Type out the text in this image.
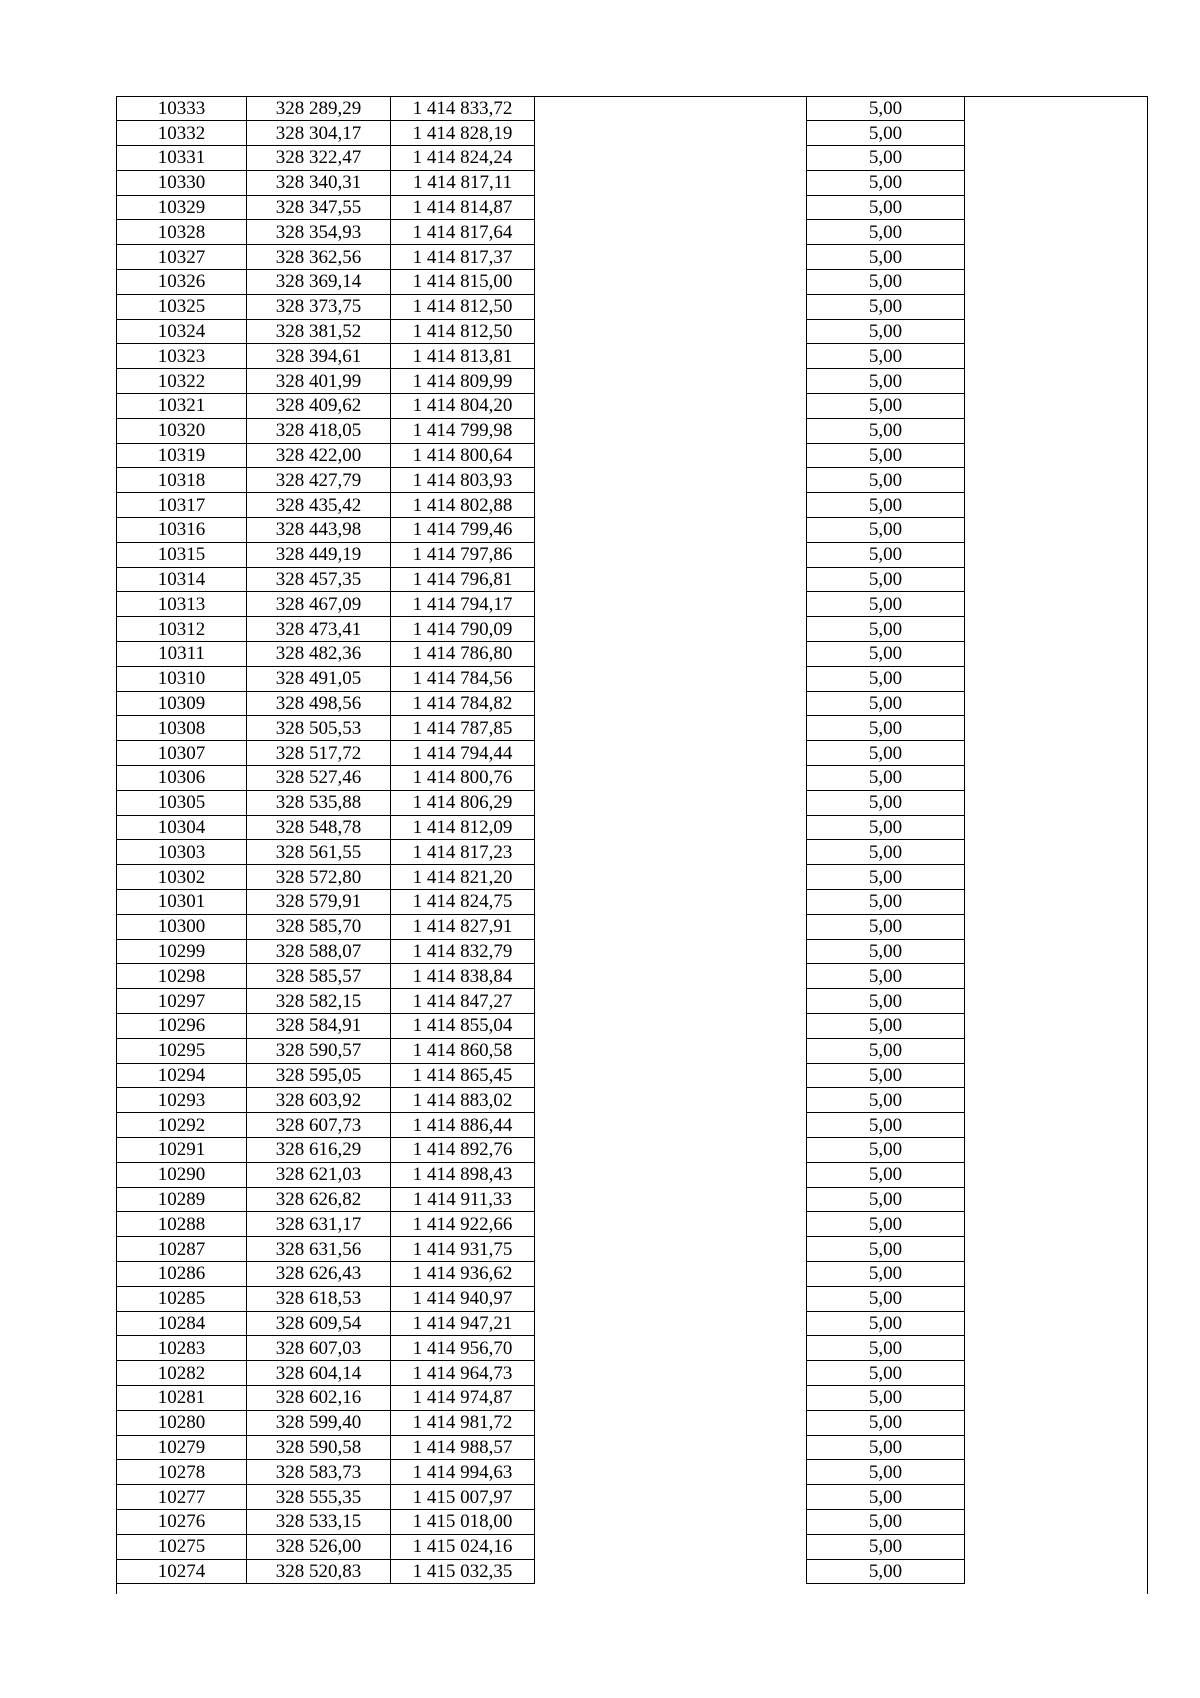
10333	328 289,29	1 414 833,72		5,00	
10332	328 304,17	1 414 828,19		5,00	
10331	328 322,47	1 414 824,24		5,00	
10330	328 340,31	1 414 817,11		5,00	
10329	328 347,55	1 414 814,87		5,00	
10328	328 354,93	1 414 817,64		5,00	
10327	328 362,56	1 414 817,37		5,00	
10326	328 369,14	1 414 815,00		5,00	
10325	328 373,75	1 414 812,50		5,00	
10324	328 381,52	1 414 812,50		5,00	
10323	328 394,61	1 414 813,81		5,00	
10322	328 401,99	1 414 809,99		5,00	
10321	328 409,62	1 414 804,20		5,00	
10320	328 418,05	1 414 799,98		5,00	
10319	328 422,00	1 414 800,64		5,00	
10318	328 427,79	1 414 803,93		5,00	
10317	328 435,42	1 414 802,88		5,00	
10316	328 443,98	1 414 799,46		5,00	
10315	328 449,19	1 414 797,86		5,00	
10314	328 457,35	1 414 796,81		5,00	
10313	328 467,09	1 414 794,17		5,00	
10312	328 473,41	1 414 790,09		5,00	
10311	328 482,36	1 414 786,80		5,00	
10310	328 491,05	1 414 784,56		5,00	
10309	328 498,56	1 414 784,82		5,00	
10308	328 505,53	1 414 787,85		5,00	
10307	328 517,72	1 414 794,44		5,00	
10306	328 527,46	1 414 800,76		5,00	
10305	328 535,88	1 414 806,29		5,00	
10304	328 548,78	1 414 812,09		5,00	
10303	328 561,55	1 414 817,23		5,00	
10302	328 572,80	1 414 821,20		5,00	
10301	328 579,91	1 414 824,75		5,00	
10300	328 585,70	1 414 827,91		5,00	
10299	328 588,07	1 414 832,79		5,00	
10298	328 585,57	1 414 838,84		5,00	
10297	328 582,15	1 414 847,27		5,00	
10296	328 584,91	1 414 855,04		5,00	
10295	328 590,57	1 414 860,58		5,00	
10294	328 595,05	1 414 865,45		5,00	
10293	328 603,92	1 414 883,02		5,00	
10292	328 607,73	1 414 886,44		5,00	
10291	328 616,29	1 414 892,76		5,00	
10290	328 621,03	1 414 898,43		5,00	
10289	328 626,82	1 414 911,33		5,00	
10288	328 631,17	1 414 922,66		5,00	
10287	328 631,56	1 414 931,75		5,00	
10286	328 626,43	1 414 936,62		5,00	
10285	328 618,53	1 414 940,97		5,00	
10284	328 609,54	1 414 947,21		5,00	
10283	328 607,03	1 414 956,70		5,00	
10282	328 604,14	1 414 964,73		5,00	
10281	328 602,16	1 414 974,87		5,00	
10280	328 599,40	1 414 981,72		5,00	
10279	328 590,58	1 414 988,57		5,00	
10278	328 583,73	1 414 994,63		5,00	
10277	328 555,35	1 415 007,97		5,00	
10276	328 533,15	1 415 018,00		5,00	
10275	328 526,00	1 415 024,16		5,00	
10274	328 520,83	1 415 032,35		5,00	
